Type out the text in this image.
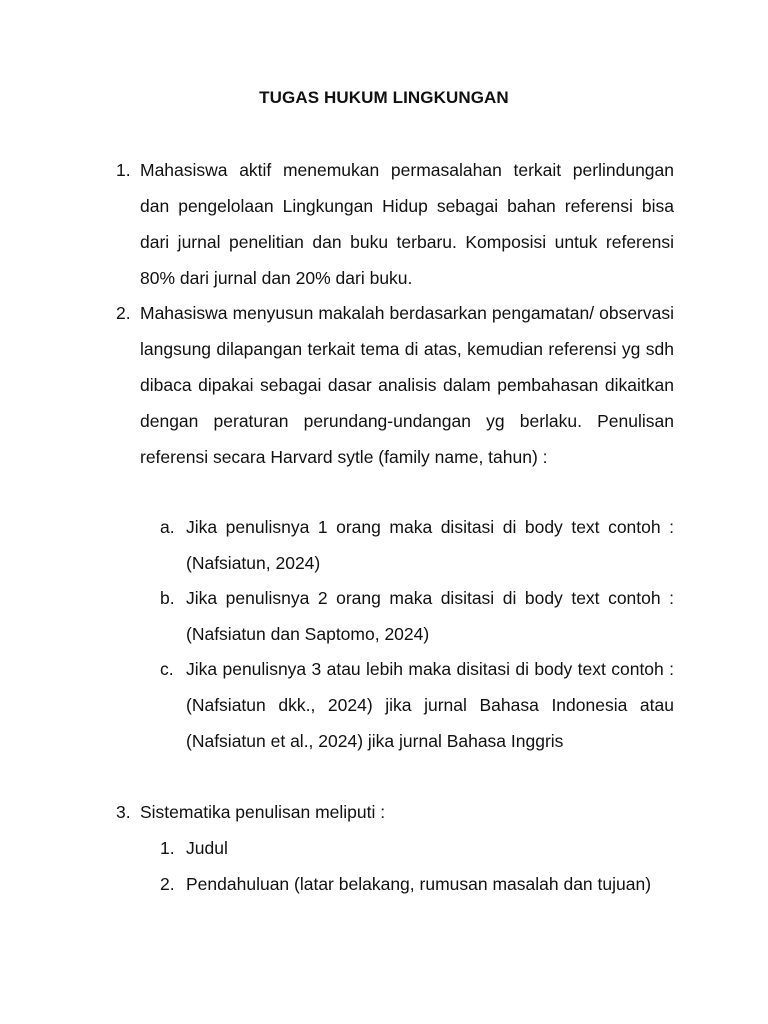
TUGAS HUKUM LINGKUNGAN
1. Mahasiswa aktif menemukan permasalahan terkait perlindungan dan pengelolaan Lingkungan Hidup sebagai bahan referensi bisa dari jurnal penelitian dan buku terbaru. Komposisi untuk referensi 80% dari jurnal dan 20% dari buku.
2. Mahasiswa menyusun makalah berdasarkan pengamatan/ observasi langsung dilapangan terkait tema di atas, kemudian referensi yg sdh dibaca dipakai sebagai dasar analisis dalam pembahasan dikaitkan dengan peraturan perundang-undangan yg berlaku. Penulisan referensi secara Harvard sytle (family name, tahun) :
a. Jika penulisnya 1 orang maka disitasi di body text contoh : (Nafsiatun, 2024)
b. Jika penulisnya 2 orang maka disitasi di body text contoh : (Nafsiatun dan Saptomo, 2024)
c. Jika penulisnya 3 atau lebih maka disitasi di body text contoh : (Nafsiatun dkk., 2024) jika jurnal Bahasa Indonesia atau (Nafsiatun et al., 2024) jika jurnal Bahasa Inggris
3. Sistematika penulisan meliputi :
1. Judul
2. Pendahuluan (latar belakang, rumusan masalah dan tujuan)
